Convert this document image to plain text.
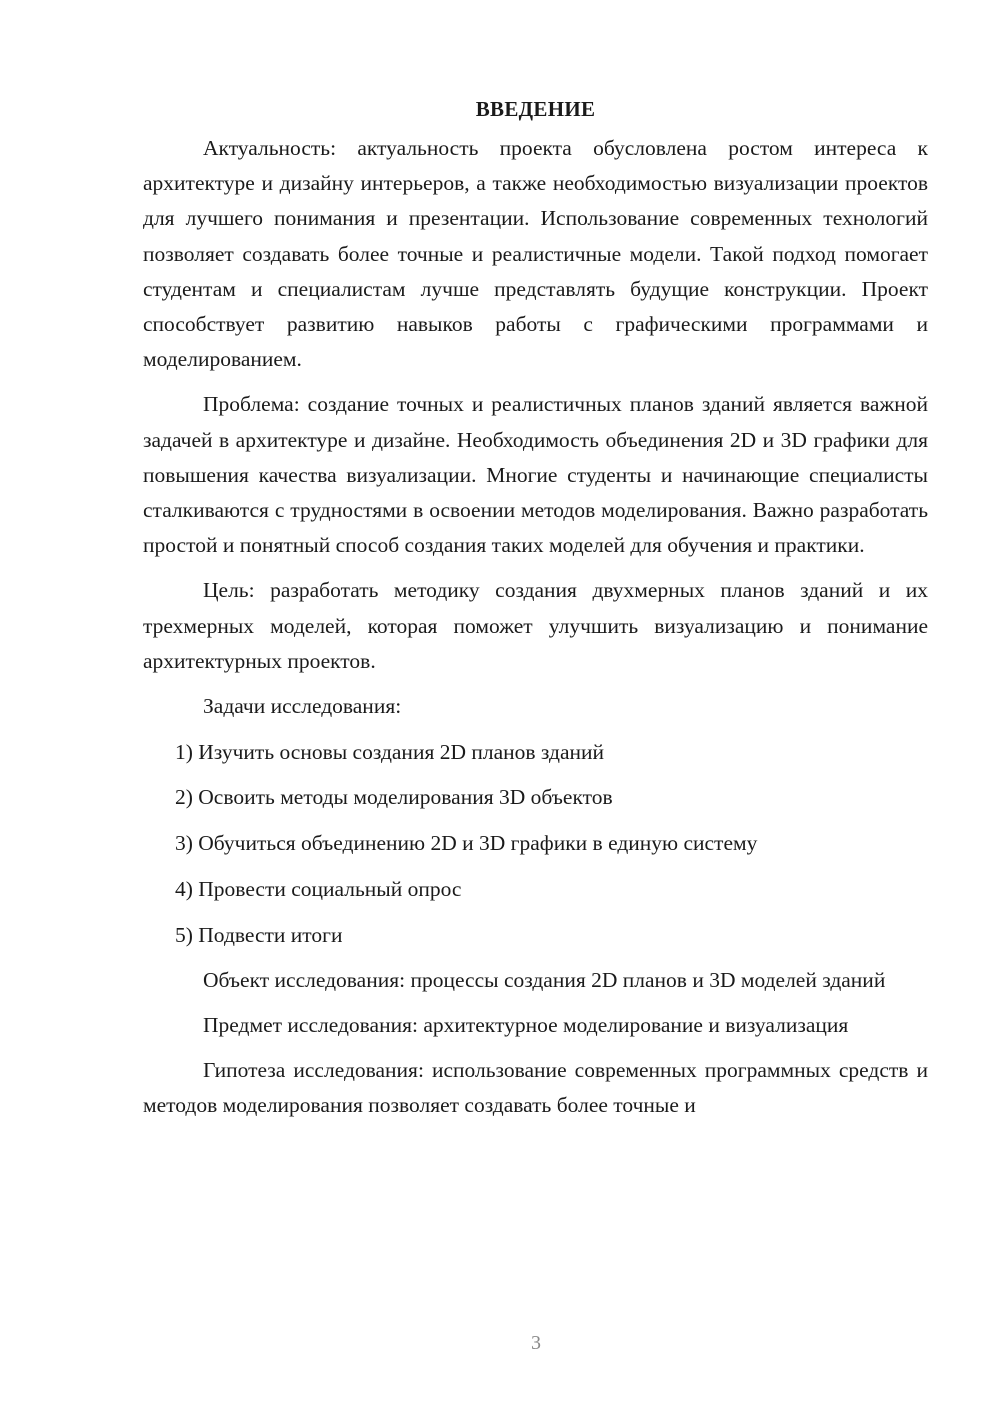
ВВЕДЕНИЕ

Актуальность: актуальность проекта обусловлена ростом интереса к архитектуре и дизайну интерьеров, а также необходимостью визуализации проектов для лучшего понимания и презентации. Использование современных технологий позволяет создавать более точные и реалистичные модели. Такой подход помогает студентам и специалистам лучше представлять будущие конструкции. Проект способствует развитию навыков работы с графическими программами и моделированием.

Проблема: создание точных и реалистичных планов зданий является важной задачей в архитектуре и дизайне. Необходимость объединения 2D и 3D графики для повышения качества визуализации. Многие студенты и начинающие специалисты сталкиваются с трудностями в освоении методов моделирования. Важно разработать простой и понятный способ создания таких моделей для обучения и практики.

Цель: разработать методику создания двухмерных планов зданий и их трехмерных моделей, которая поможет улучшить визуализацию и понимание архитектурных проектов.

Задачи исследования:

1) Изучить основы создания 2D планов зданий

2) Освоить методы моделирования 3D объектов

3) Обучиться объединению 2D и 3D графики в единую систему

4) Провести социальный опрос

5) Подвести итоги

Объект исследования: процессы создания 2D планов и 3D моделей зданий

Предмет исследования: архитектурное моделирование и визуализация

Гипотеза исследования: использование современных программных средств и методов моделирования позволяет создавать более точные и

3
